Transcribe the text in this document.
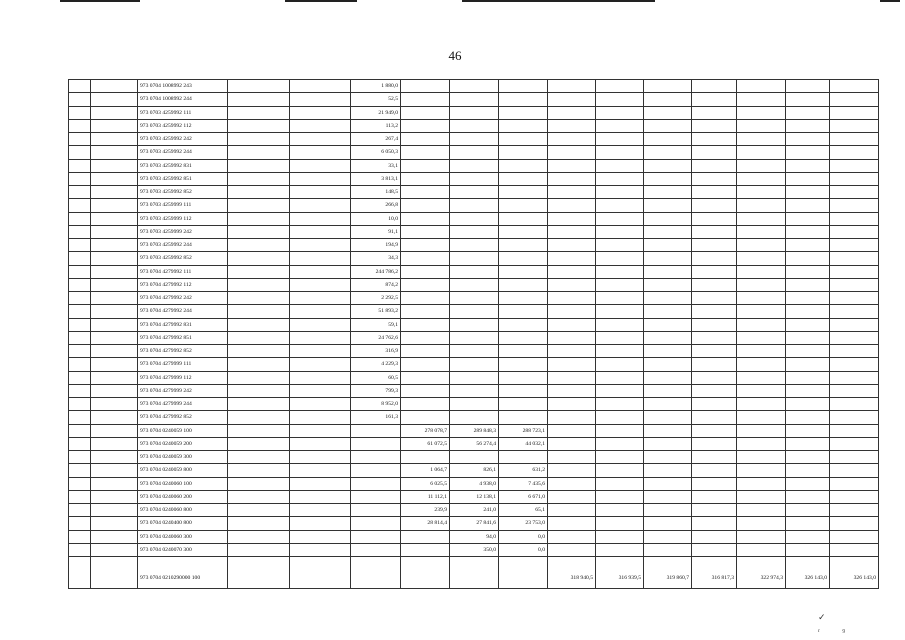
46
		973 0704 1008992 243			1 880,0										
		973 0704 1008992 244			52,5										
		973 0703 4259992 111			21 949,0										
		973 0703 4259992 112			113,2										
		973 0703 4259992 242			267,4										
		973 0703 4259992 244			6 050,3										
		973 0703 4259992 831			33,1										
		973 0703 4259992 851			3 813,1										
		973 0703 4259992 852			148,5										
		973 0703 4259999 111			266,8										
		973 0703 4259999 112			10,0										
		973 0703 4259999 242			91,1										
		973 0703 4259992 244			194,9										
		973 0703 4259992 852			34,3										
		973 0704 4279992 111			244 786,2										
		973 0704 4279992 112			874,2										
		973 0704 4279992 242			2 292,5										
		973 0704 4279992 244			51 893,2										
		973 0704 4279992 831			59,1										
		973 0704 4279992 851			24 762,6										
		973 0704 4279992 852			316,9										
		973 0704 4279999 111			4 229,3										
		973 0704 4279999 112			60,5										
		973 0704 4279999 242			799,3										
		973 0704 4279999 244			8 952,0										
		973 0704 4279992 852			161,3										
		973 0704 0240059 100				278 078,7	289 848,3	288 723,1							
		973 0704 0240059 200				61 072,5	56 274,4	44 032,1							
		973 0704 0240059 300													
		973 0704 0240059 800				1 064,7	826,1	631,2							
		973 0704 0240060 100				6 025,5	4 938,0	7 435,6							
		973 0704 0240060 200				11 112,1	12 138,1	6 671,0							
		973 0704 0240060 800				239,9	241,0	65,1							
		973 0704 0240400 800				28 814,4	27 841,6	23 753,0							
		973 0704 0240060 300					94,0	0,0							
		973 0704 0240070 300					350,0	0,0							
		973 0704 0210290000 100							318 940,5	316 939,5	319 860,7	316 817,3	322 974,3	326 143,0	326 143,0
✓ ᵣ₉
